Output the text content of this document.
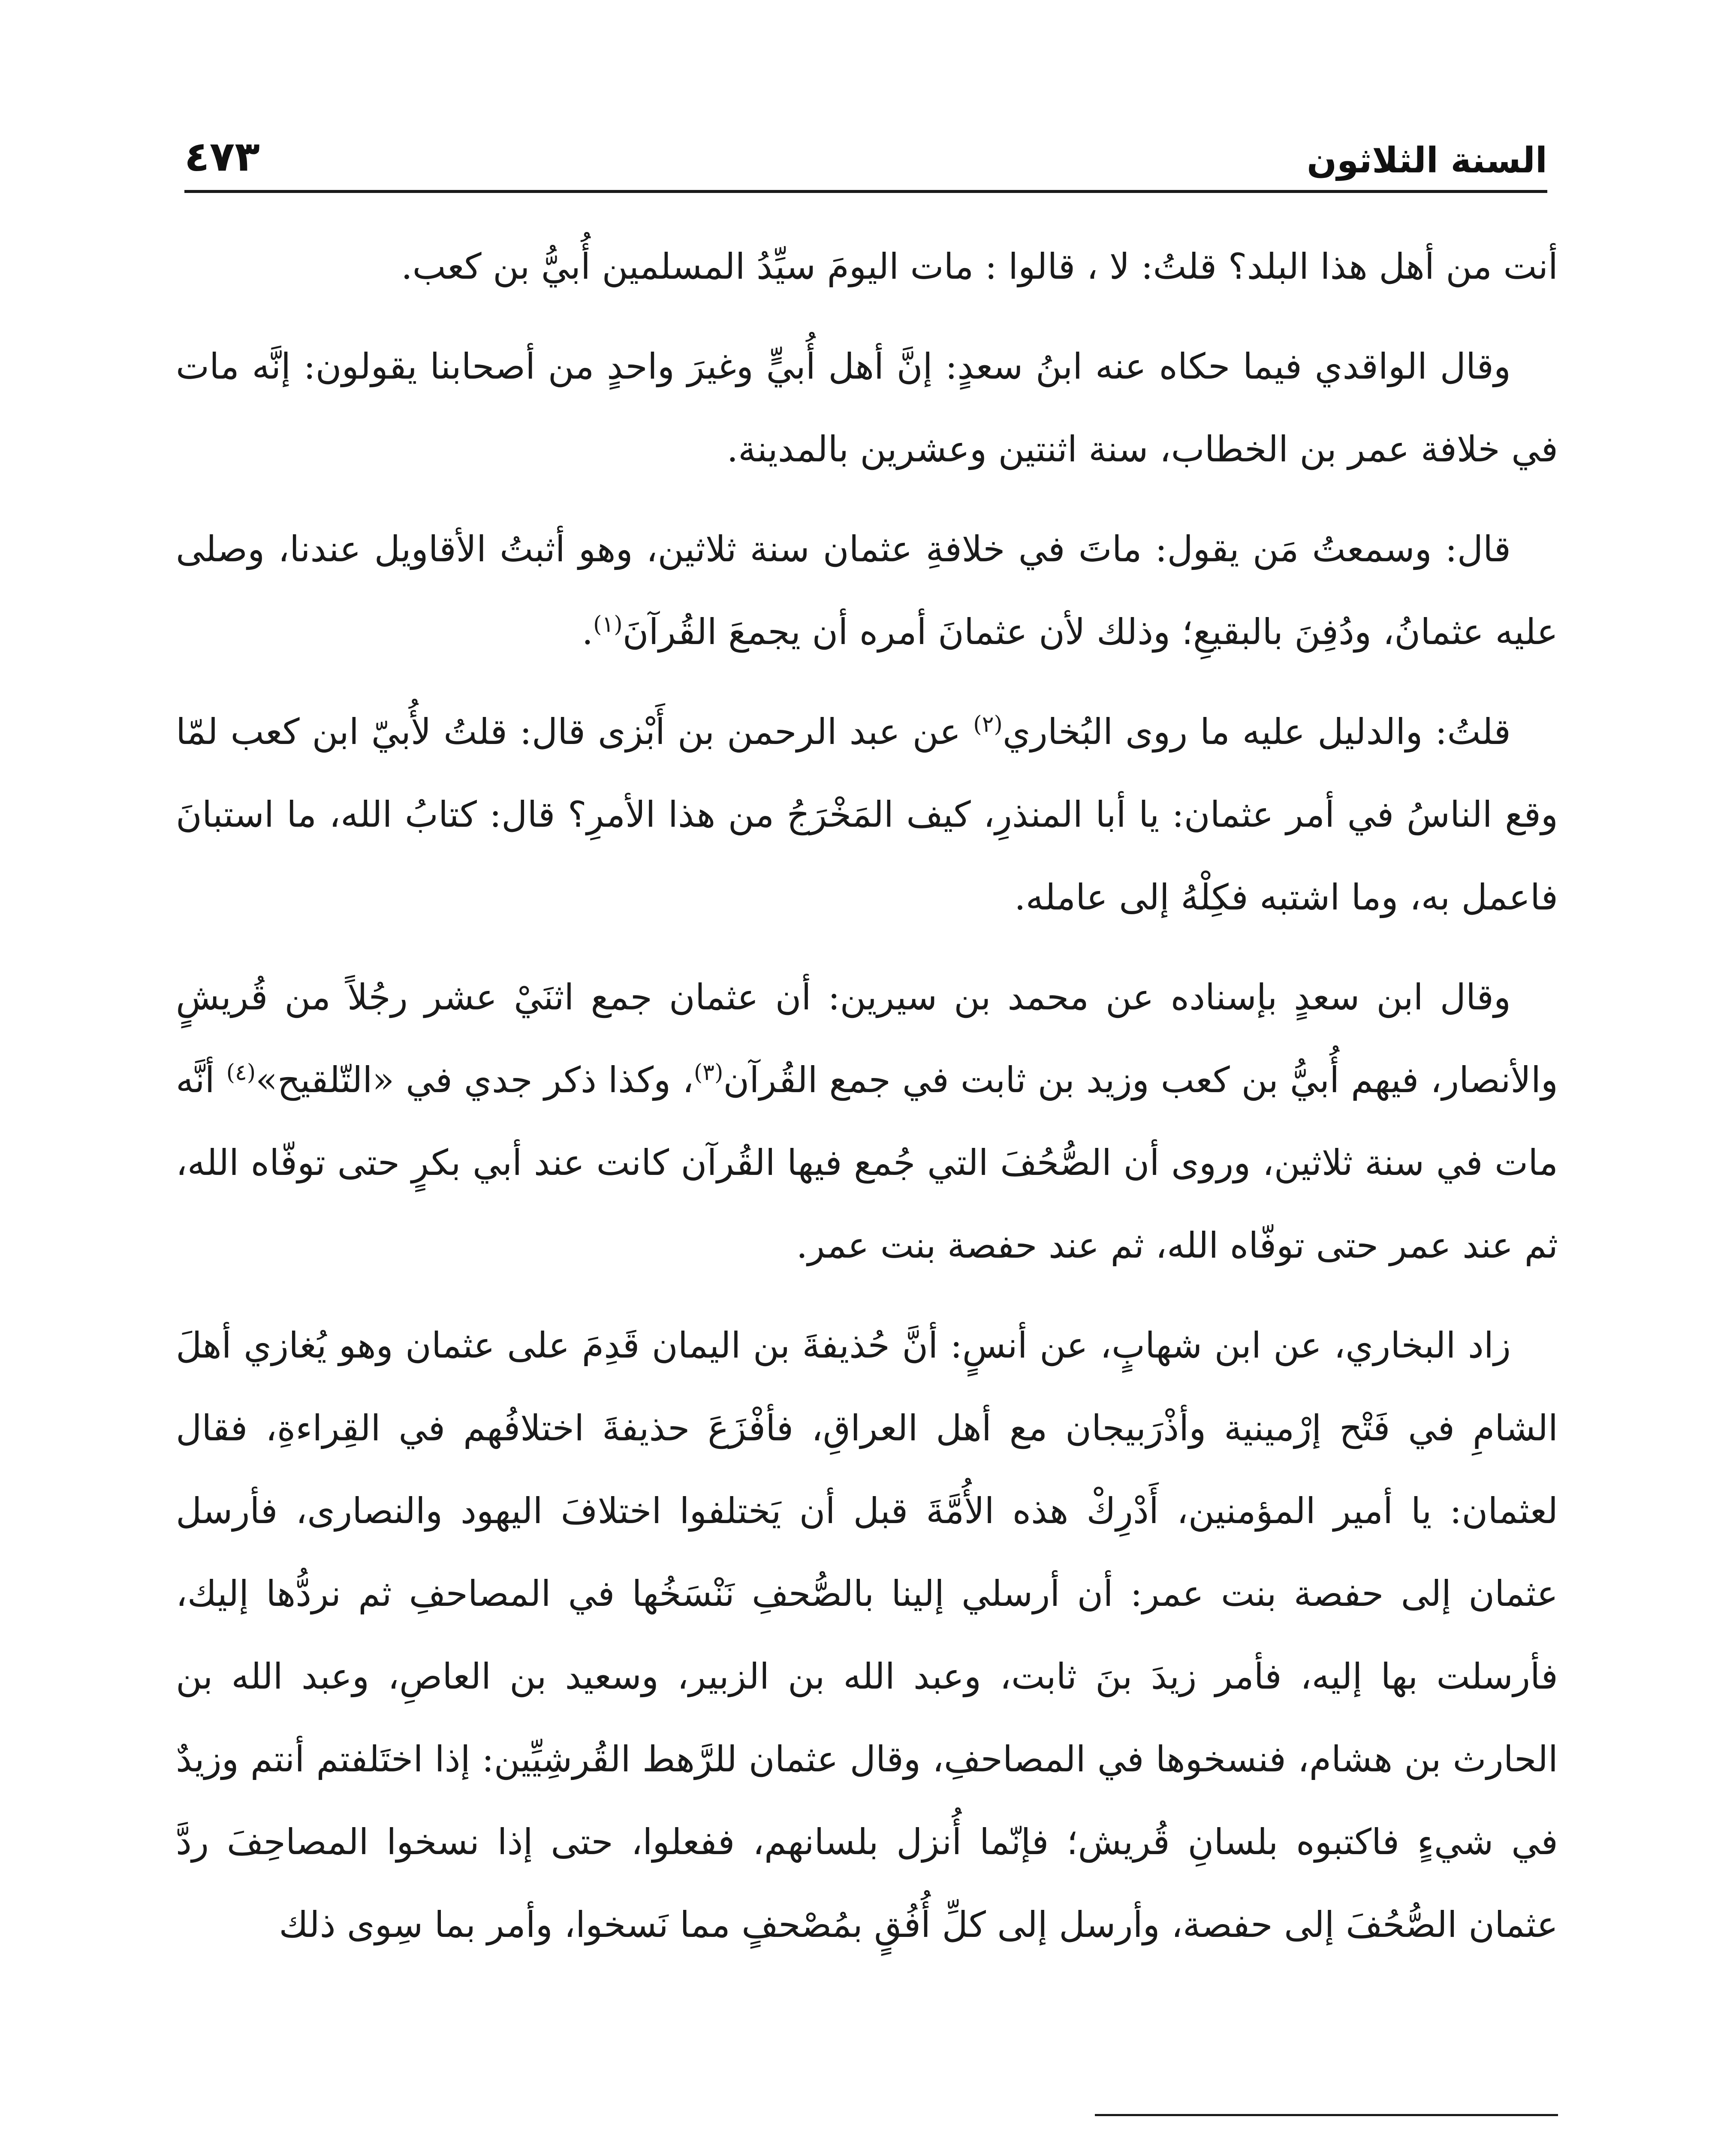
السنة الثلاثون
٤٧٣

أنت من أهل هذا البلد؟ قلتُ: لا ، قالوا : مات اليومَ سيِّدُ المسلمين أُبيُّ بن كعب.

وقال الواقدي فيما حكاه عنه ابنُ سعدٍ: إنَّ أهل أُبيٍّ وغيرَ واحدٍ من أصحابنا يقولون: إنَّه مات في خلافة عمر بن الخطاب، سنة اثنتين وعشرين بالمدينة.

قال: وسمعتُ مَن يقول: ماتَ في خلافةِ عثمان سنة ثلاثين، وهو أثبتُ الأقاويل عندنا، وصلى عليه عثمانُ، ودُفِنَ بالبقيعِ؛ وذلك لأن عثمانَ أمره أن يجمعَ القُرآنَ$^{(١)}$.

قلتُ: والدليل عليه ما روى البُخاري$^{(٢)}$ عن عبد الرحمن بن أَبْزى قال: قلتُ لأُبيّ ابن كعب لمّا وقع الناسُ في أمر عثمان: يا أبا المنذرِ، كيف المَخْرَجُ من هذا الأمرِ؟ قال: كتابُ الله، ما استبانَ فاعمل به، وما اشتبه فكِلْهُ إلى عامله.

وقال ابن سعدٍ بإسناده عن محمد بن سيرين: أن عثمان جمع اثنَيْ عشر رجُلاً من قُريشٍ والأنصار، فيهم أُبيُّ بن كعب وزيد بن ثابت في جمع القُرآن$^{(٣)}$، وكذا ذكر جدي في «التّلقيح»$^{(٤)}$ أنَّه مات في سنة ثلاثين، وروى أن الصُّحُفَ التي جُمع فيها القُرآن كانت عند أبي بكرٍ حتى توفّاه الله، ثم عند عمر حتى توفّاه الله، ثم عند حفصة بنت عمر.

زاد البخاري، عن ابن شهابٍ، عن أنسٍ: أنَّ حُذيفةَ بن اليمان قَدِمَ على عثمان وهو يُغازي أهلَ الشامِ في فَتْح إرْمينية وأذْرَبيجان مع أهل العراقِ، فأفْزَعَ حذيفةَ اختلافُهم في القِراءةِ، فقال لعثمان: يا أمير المؤمنين، أَدْرِكْ هذه الأُمَّةَ قبل أن يَختلفوا اختلافَ اليهود والنصارى، فأرسل عثمان إلى حفصة بنت عمر: أن أرسلي إلينا بالصُّحفِ نَنْسَخُها في المصاحفِ ثم نردُّها إليك، فأرسلت بها إليه، فأمر زيدَ بنَ ثابت، وعبد الله بن الزبير، وسعيد بن العاصِ، وعبد الله بن الحارث بن هشام، فنسخوها في المصاحفِ، وقال عثمان للرَّهط القُرشِيِّين: إذا اختَلفتم أنتم وزيدٌ في شيءٍ فاكتبوه بلسانِ قُريش؛ فإنّما أُنزل بلسانهم، ففعلوا، حتى إذا نسخوا المصاحِفَ ردَّ عثمان الصُّحُفَ إلى حفصة، وأرسل إلى كلِّ أُفُقٍ بمُصْحفٍ مما نَسخوا، وأمر بما سِوى ذلك
